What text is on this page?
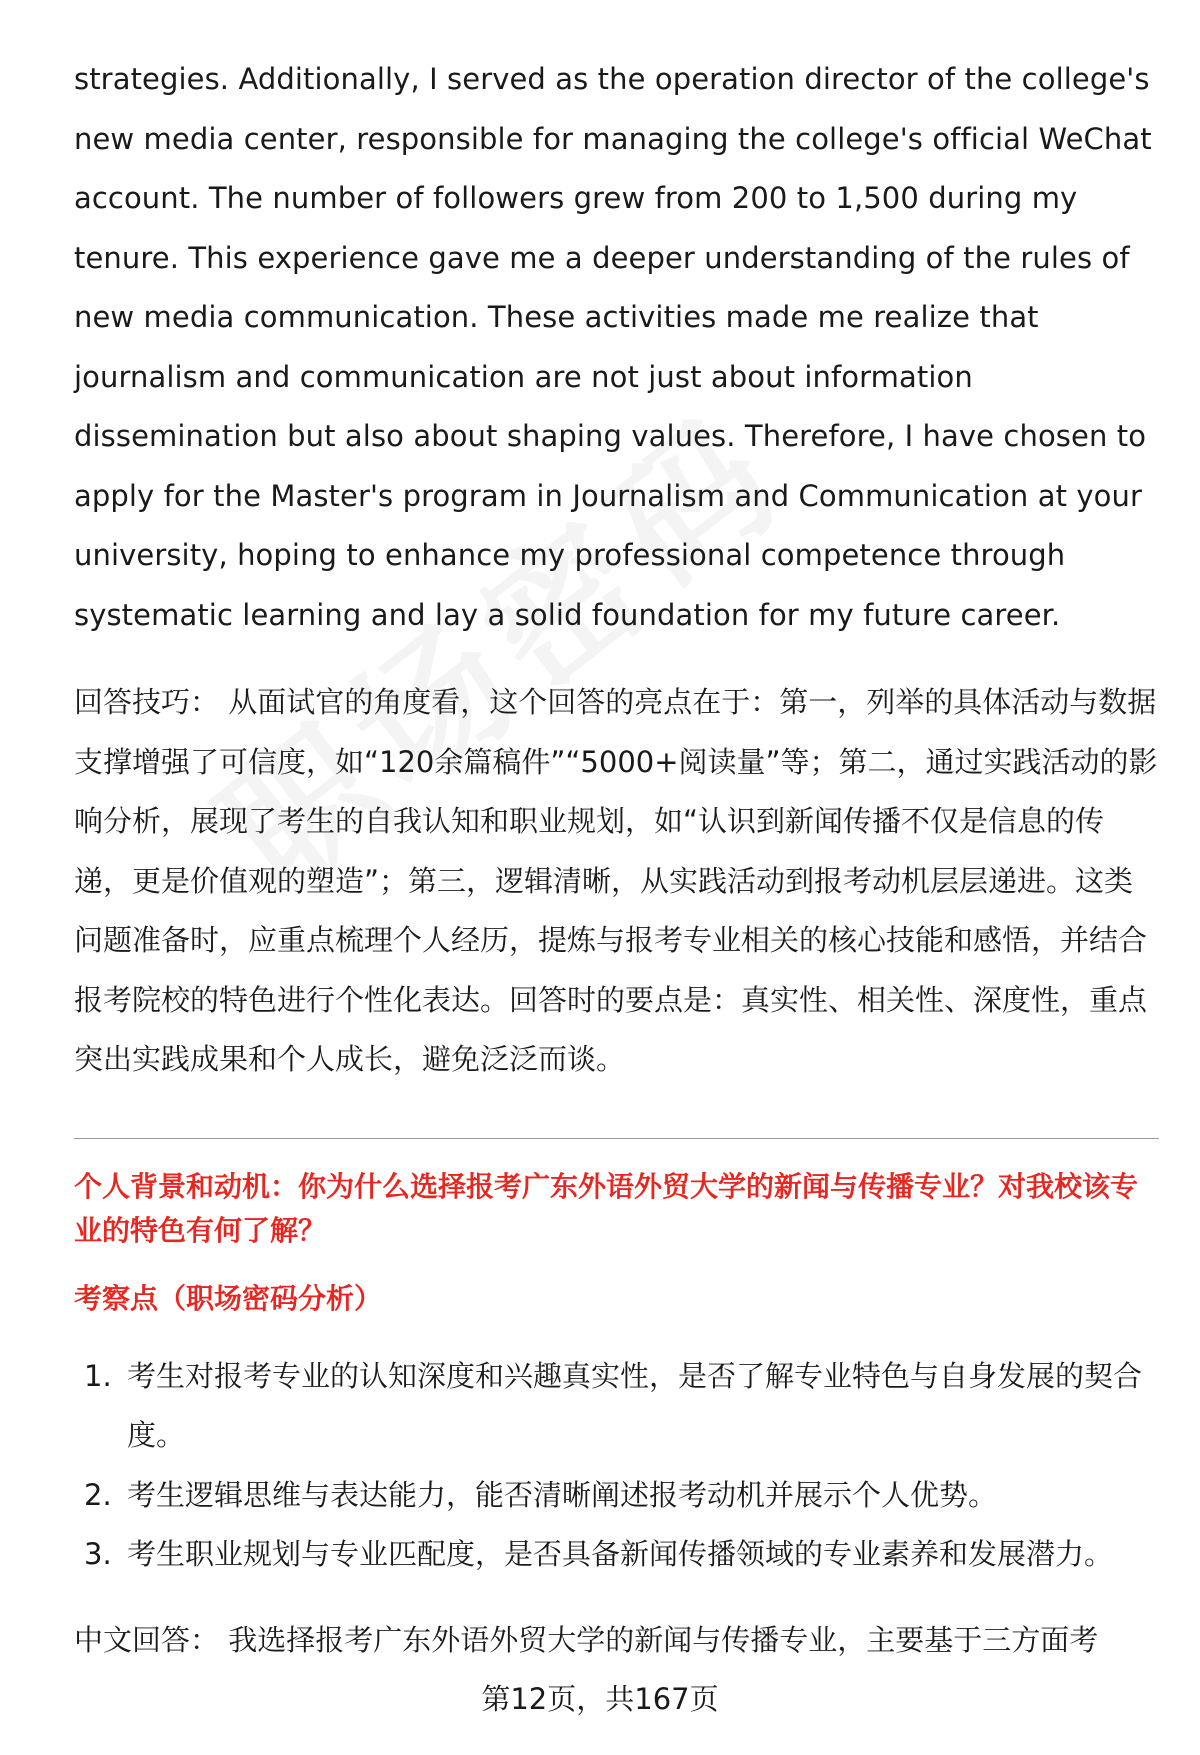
strategies. Additionally, I served as the operation director of the college's new media center, responsible for managing the college's official WeChat account. The number of followers grew from 200 to 1,500 during my tenure. This experience gave me a deeper understanding of the rules of new media communication. These activities made me realize that journalism and communication are not just about information dissemination but also about shaping values. Therefore, I have chosen to apply for the Master's program in Journalism and Communication at your university, hoping to enhance my professional competence through systematic learning and lay a solid foundation for my future career.

回答技巧： 从面试官的角度看，这个回答的亮点在于：第一，列举的具体活动与数据支撑增强了可信度，如“120余篇稿件”“5000+阅读量”等；第二，通过实践活动的影响分析，展现了考生的自我认知和职业规划，如“认识到新闻传播不仅是信息的传递，更是价值观的塑造”；第三，逻辑清晰，从实践活动到报考动机层层递进。这类问题准备时，应重点梳理个人经历，提炼与报考专业相关的核心技能和感悟，并结合报考院校的特色进行个性化表达。回答时的要点是：真实性、相关性、深度性，重点突出实践成果和个人成长，避免泛泛而谈。

个人背景和动机：你为什么选择报考广东外语外贸大学的新闻与传播专业？对我校该专业的特色有何了解？
考察点（职场密码分析）
1. 考生对报考专业的认知深度和兴趣真实性，是否了解专业特色与自身发展的契合度。
2. 考生逻辑思维与表达能力，能否清晰阐述报考动机并展示个人优势。
3. 考生职业规划与专业匹配度，是否具备新闻传播领域的专业素养和发展潜力。

中文回答： 我选择报考广东外语外贸大学的新闻与传播专业，主要基于三方面考

第12页，共167页
